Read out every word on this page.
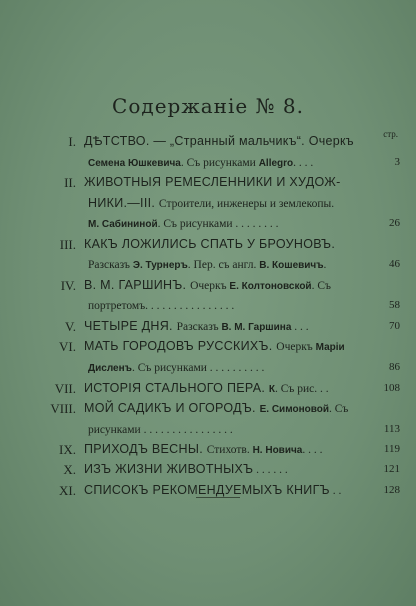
Содержаніе № 8.
стр.
I. ДѢТСТВО. — „Странный мальчикъ“. Очеркъ
Семена Юшкевича. Съ рисунками Allegro. . . .	3
II. ЖИВОТНЫЯ РЕМЕСЛЕННИКИ И ХУДОЖ-
НИКИ.—III. Строители, инженеры и землекопы.
М. Сабининой. Съ рисунками . . . . . . . .	26
III. КАКЪ ЛОЖИЛИСЬ СПАТЬ У БРОУНОВЪ.
Разсказъ Э. Турнеръ. Пер. съ англ. В. Кошевичъ.	46
IV. В. М. ГАРШИНЪ. Очеркъ Е. Колтоновской. Съ
портретомъ. . . . . . . . . . . . . . . .	58
V. ЧЕТЫРЕ ДНЯ. Разсказъ В. М. Гаршина . . .	70
VI. МАТЬ ГОРОДОВЪ РУССКИХЪ. Очеркъ Маріи
Дисленъ. Съ рисунками . . . . . . . . . .	86
VII. ИСТОРІЯ СТАЛЬНОГО ПЕРА. К. Съ рис. . .	108
VIII. МОЙ САДИКЪ И ОГОРОДЪ. Е. Симоновой. Съ
рисунками . . . . . . . . . . . . . . . .	113
IX. ПРИХОДЪ ВЕСНЫ. Стихотв. Н. Новича. . . .	119
X. ИЗЪ ЖИЗНИ ЖИВОТНЫХЪ . . . . . .	121
XI. СПИСОКЪ РЕКОМЕНДУЕМЫХЪ КНИГЪ . .	128
